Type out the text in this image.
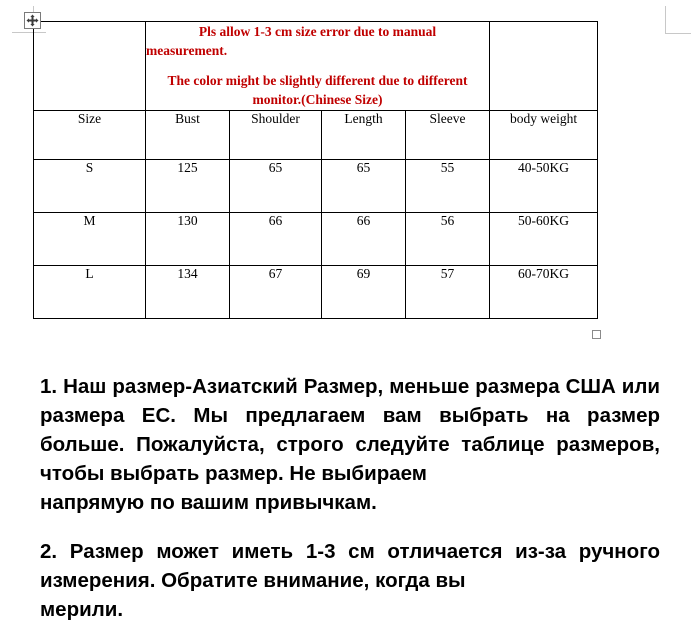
	Pls allow 1-3 cm size error due to manual
measurement.
The color might be slightly different due to different monitor.(Chinese Size)				

Size	Bust	Shoulder	Length	Sleeve	body weight
S	125	65	65	55	40-50KG
M	130	66	66	56	50-60KG
L	134	67	69	57	60-70KG

1. Наш размер-Азиатский Размер, меньше размера США или размера ЕС. Мы предлагаем вам выбрать на размер больше. Пожалуйста, строго следуйте таблице размеров, чтобы выбрать размер. Не выбираем
напрямую по вашим привычкам.

2. Размер может иметь 1-3 см отличается из-за ручного измерения. Обратите внимание, когда вы
мерили.
